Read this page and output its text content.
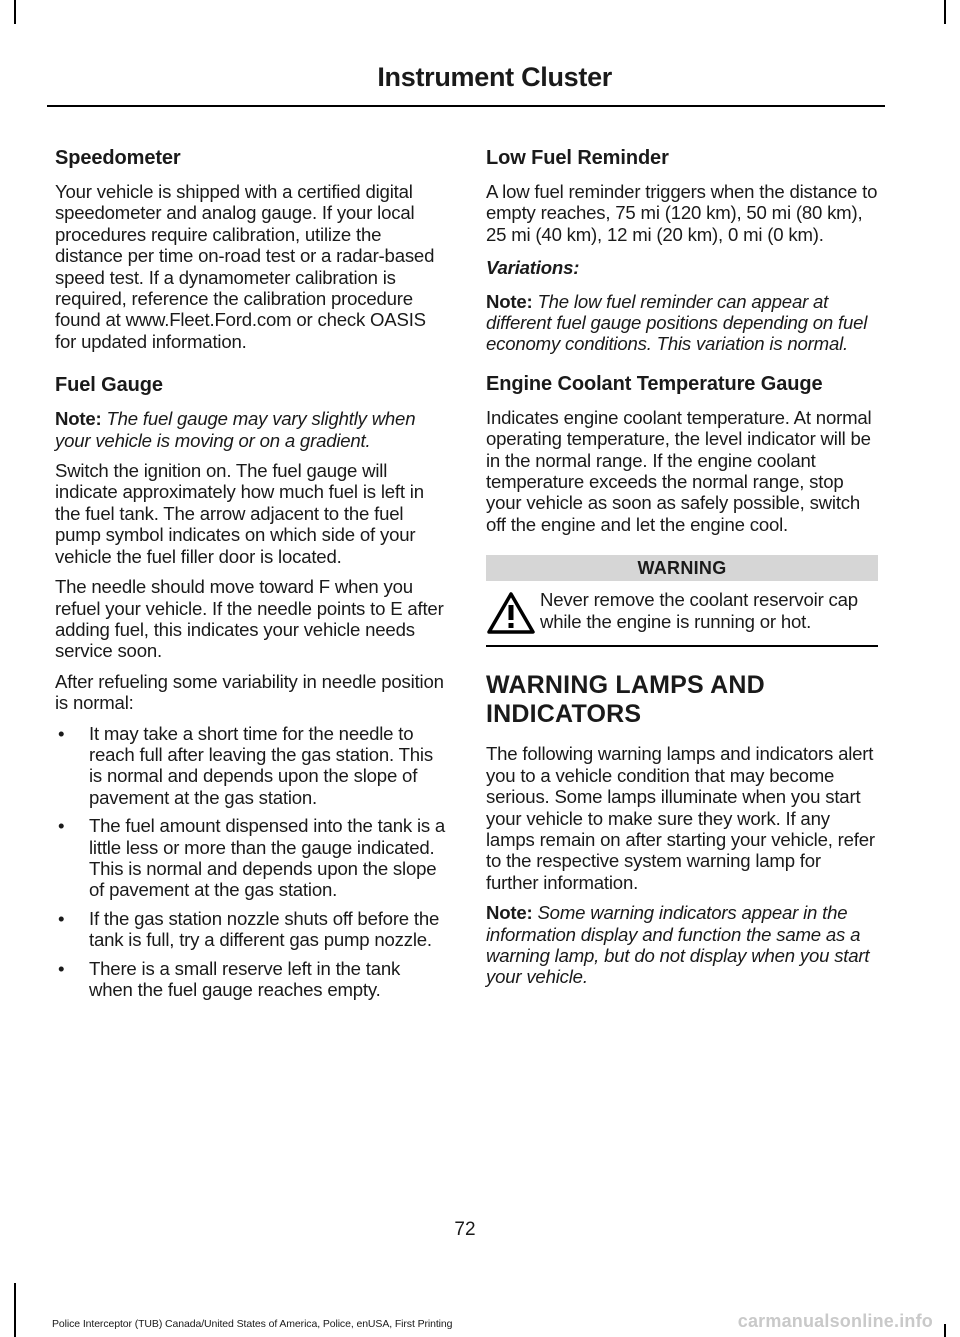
Instrument Cluster
Speedometer

Your vehicle is shipped with a certified digital speedometer and analog gauge. If your local procedures require calibration, utilize the distance per time on-road test or a radar-based speed test. If a dynamometer calibration is required, reference the calibration procedure found at www.Fleet.Ford.com or check OASIS for updated information.

Fuel Gauge

Note: The fuel gauge may vary slightly when your vehicle is moving or on a gradient.

Switch the ignition on. The fuel gauge will indicate approximately how much fuel is left in the fuel tank. The arrow adjacent to the fuel pump symbol indicates on which side of your vehicle the fuel filler door is located.

The needle should move toward F when you refuel your vehicle. If the needle points to E after adding fuel, this indicates your vehicle needs service soon.

After refueling some variability in needle position is normal:

• It may take a short time for the needle to reach full after leaving the gas station. This is normal and depends upon the slope of pavement at the gas station.
• The fuel amount dispensed into the tank is a little less or more than the gauge indicated. This is normal and depends upon the slope of pavement at the gas station.
• If the gas station nozzle shuts off before the tank is full, try a different gas pump nozzle.
• There is a small reserve left in the tank when the fuel gauge reaches empty.
Low Fuel Reminder

A low fuel reminder triggers when the distance to empty reaches, 75 mi (120 km), 50 mi (80 km), 25 mi (40 km), 12 mi (20 km), 0 mi (0 km).

Variations:

Note: The low fuel reminder can appear at different fuel gauge positions depending on fuel economy conditions. This variation is normal.

Engine Coolant Temperature Gauge

Indicates engine coolant temperature. At normal operating temperature, the level indicator will be in the normal range. If the engine coolant temperature exceeds the normal range, stop your vehicle as soon as safely possible, switch off the engine and let the engine cool.

WARNING
Never remove the coolant reservoir cap while the engine is running or hot.
WARNING LAMPS AND
INDICATORS

The following warning lamps and indicators alert you to a vehicle condition that may become serious. Some lamps illuminate when you start your vehicle to make sure they work. If any lamps remain on after starting your vehicle, refer to the respective system warning lamp for further information.

Note: Some warning indicators appear in the information display and function the same as a warning lamp, but do not display when you start your vehicle.

72
Police Interceptor (TUB) Canada/United States of America, Police, enUSA, First Printing	carmanualsonline.info
